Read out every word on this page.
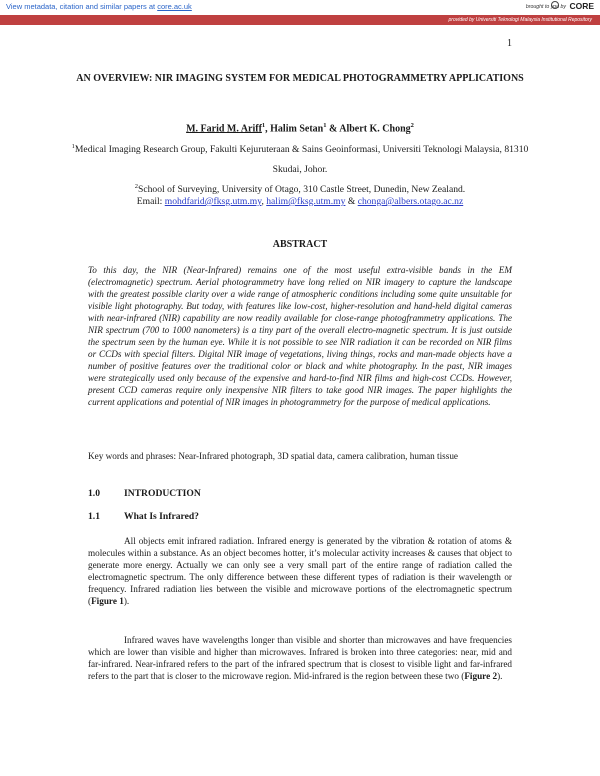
View metadata, citation and similar papers at core.ac.uk	brought to you by CORE
provided by Universiti Teknologi Malaysia Institutional Repository
1
AN OVERVIEW: NIR IMAGING SYSTEM FOR MEDICAL PHOTOGRAMMETRY APPLICATIONS
M. Farid M. Ariff$^1$, Halim Setan$^1$ & Albert K. Chong$^2$
$^1$Medical Imaging Research Group, Fakulti Kejuruteraan & Sains Geoinformasi, Universiti Teknologi Malaysia, 81310 Skudai, Johor.
$^2$School of Surveying, University of Otago, 310 Castle Street, Dunedin, New Zealand.
Email: mohdfarid@fksg.utm.my, halim@fksg.utm.my & chonga@albers.otago.ac.nz
ABSTRACT
To this day, the NIR (Near-Infrared) remains one of the most useful extra-visible bands in the EM (electromagnetic) spectrum. Aerial photogrammetry have long relied on NIR imagery to capture the landscape with the greatest possible clarity over a wide range of atmospheric conditions including some quite unsuitable for visible light photography. But today, with features like low-cost, higher-resolution and hand-held digital cameras with near-infrared (NIR) capability are now readily available for close-range photogframmetry applications. The NIR spectrum (700 to 1000 nanometers) is a tiny part of the overall electro-magnetic spectrum. It is just outside the spectrum seen by the human eye. While it is not possible to see NIR radiation it can be recorded on NIR films or CCDs with special filters. Digital NIR image of vegetations, living things, rocks and man-made objects have a number of positive features over the traditional color or black and white photography. In the past, NIR images were strategically used only because of the expensive and hard-to-find NIR films and high-cost CCDs. However, present CCD cameras require only inexpensive NIR filters to take good NIR images. The paper highlights the current applications and potential of NIR images in photogrammetry for the purpose of medical applications.
Key words and phrases: Near-Infrared photograph, 3D spatial data, camera calibration, human tissue
1.0	INTRODUCTION
1.1	What Is Infrared?
All objects emit infrared radiation. Infrared energy is generated by the vibration & rotation of atoms & molecules within a substance. As an object becomes hotter, it’s molecular activity increases & causes that object to generate more energy. Actually we can only see a very small part of the entire range of radiation called the electromagnetic spectrum. The only difference between these different types of radiation is their wavelength or frequency. Infrared radiation lies between the visible and microwave portions of the electromagnetic spectrum (Figure 1).
Infrared waves have wavelengths longer than visible and shorter than microwaves and have frequencies which are lower than visible and higher than microwaves. Infrared is broken into three categories: near, mid and far-infrared. Near-infrared refers to the part of the infrared spectrum that is closest to visible light and far-infrared refers to the part that is closer to the microwave region. Mid-infrared is the region between these two (Figure 2).
